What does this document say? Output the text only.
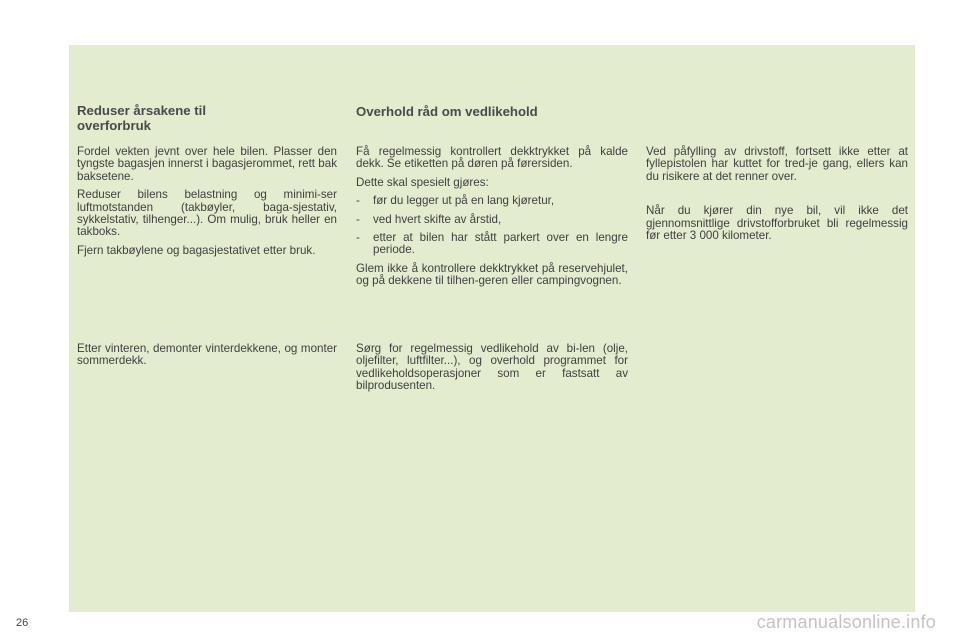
Reduser årsakene til overforbruk

Fordel vekten jevnt over hele bilen. Plasser den tyngste bagasjen innerst i bagasjerommet, rett bak baksetene.

Reduser bilens belastning og minimi-ser luftmotstanden (takbøyler, baga-sjestativ, sykkelstativ, tilhenger...). Om mulig, bruk heller en takboks.

Fjern takbøylene og bagasjestativet etter bruk.

Etter vinteren, demonter vinterdekkene, og monter sommerdekk.

Overhold råd om vedlikehold

Få regelmessig kontrollert dekktrykket på kalde dekk. Se etiketten på døren på førersiden.

Dette skal spesielt gjøres:

- før du legger ut på en lang kjøretur,
- ved hvert skifte av årstid,
- etter at bilen har stått parkert over en lengre periode.

Glem ikke å kontrollere dekktrykket på reservehjulet, og på dekkene til tilhen-geren eller campingvognen.

Sørg for regelmessig vedlikehold av bi-len (olje, oljefilter, luftfilter...), og overhold programmet for vedlikeholdsoperasjoner som er fastsatt av bilprodusenten.

Ved påfylling av drivstoff, fortsett ikke etter at fyllepistolen har kuttet for tred-je gang, ellers kan du risikere at det renner over.

Når du kjører din nye bil, vil ikke det gjennomsnittlige drivstofforbruket bli regelmessig før etter 3 000 kilometer.

26	carmanualsonline.info
